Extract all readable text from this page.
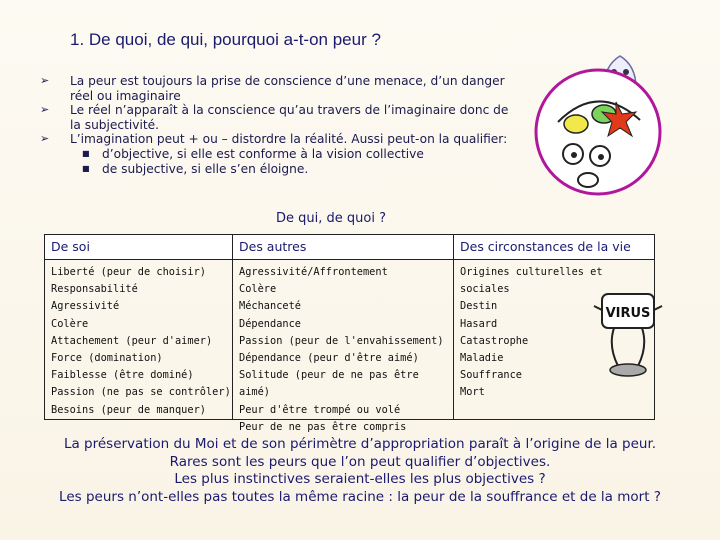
1. De quoi, de qui, pourquoi a-t-on peur ?
➢ La peur est toujours la prise de conscience d’une menace, d’un danger réel ou imaginaire
➢ Le réel n’apparaît à la conscience qu’au travers de l’imaginaire donc de la subjectivité.
➢ L’imagination peut + ou – distordre la réalité. Aussi peut-on la qualifier:
■ d’objective, si elle est conforme à la vision collective
■ de subjective, si elle s’en éloigne.
VIRUS
De qui, de quoi ?
De soi
Liberté (peur de choisir)
Responsabilité
Agressivité
Colère
Attachement (peur d'aimer)
Force (domination)
Faiblesse (être dominé)
Passion (ne pas se contrôler)
Besoins (peur de manquer)
Des autres
Agressivité/Affrontement
Colère
Méchanceté
Dépendance
Passion (peur de l'envahissement)
Dépendance (peur d'être aimé)
Solitude (peur de ne pas être aimé)
Peur d'être trompé ou volé
Peur de ne pas être compris
Des circonstances de la vie
Origines culturelles et sociales
Destin
Hasard
Catastrophe
Maladie
Souffrance
Mort
La préservation du Moi et de son périmètre d’appropriation paraît à l’origine de la peur.
Rares sont les peurs que l’on peut qualifier d’objectives.
Les plus instinctives seraient-elles les plus objectives ?
Les peurs n’ont-elles pas toutes la même racine : la peur de la souffrance et de la mort ?
